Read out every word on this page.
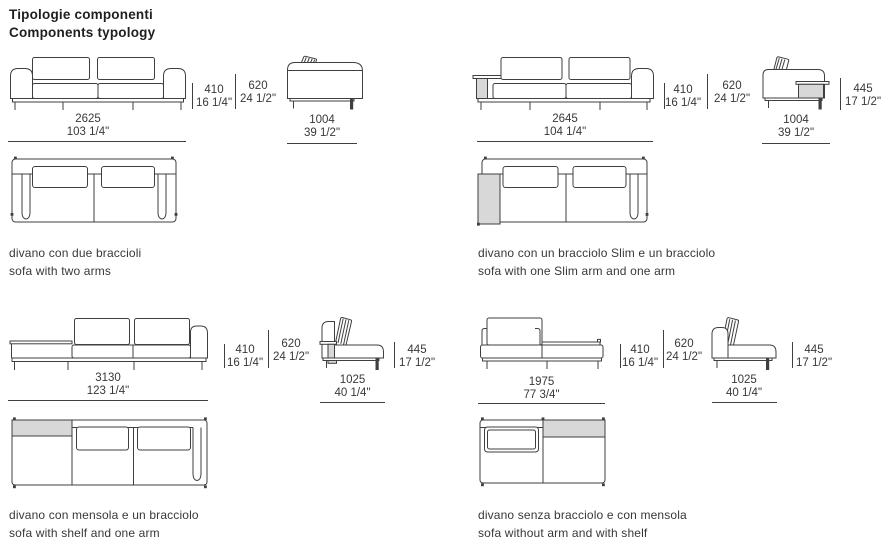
Tipologie componenti
Components typology
410
16 1/4"
620
24 1/2"
2625
103 1/4"
1004
39 1/2"
divano con due braccioli
sofa with two arms
410
16 1/4"
620
24 1/2"
445
17 1/2"
2645
104 1/4"
1004
39 1/2"
divano con un bracciolo Slim e un bracciolo
sofa with one Slim arm and one arm
410
16 1/4"
620
24 1/2"
445
17 1/2"
3130
123 1/4"
1025
40 1/4"
divano con mensola e un bracciolo
sofa with shelf and one arm
410
16 1/4"
620
24 1/2"
445
17 1/2"
1975
77 3/4"
1025
40 1/4"
divano senza bracciolo e con mensola
sofa without arm and with shelf
